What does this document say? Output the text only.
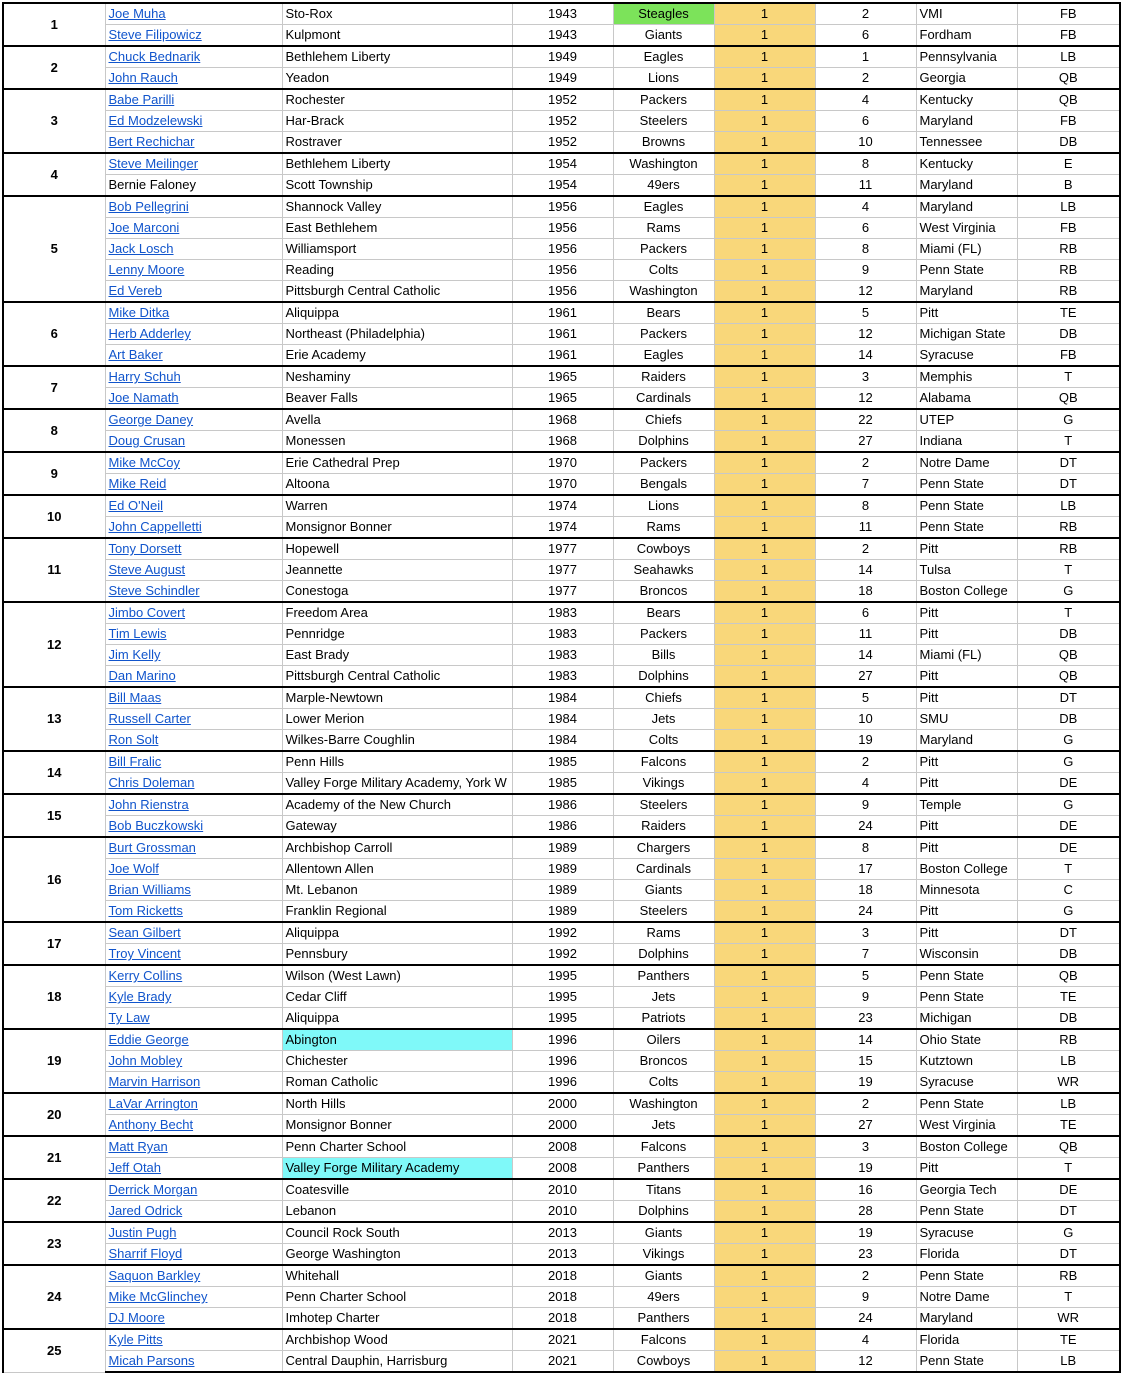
1	Joe Muha	Sto-Rox	1943	Steagles	1	2	VMI	FB
	Steve Filipowicz	Kulpmont	1943	Giants	1	6	Fordham	FB
2	Chuck Bednarik	Bethlehem Liberty	1949	Eagles	1	1	Pennsylvania	LB
	John Rauch	Yeadon	1949	Lions	1	2	Georgia	QB
3	Babe Parilli	Rochester	1952	Packers	1	4	Kentucky	QB
	Ed Modzelewski	Har-Brack	1952	Steelers	1	6	Maryland	FB
	Bert Rechichar	Rostraver	1952	Browns	1	10	Tennessee	DB
4	Steve Meilinger	Bethlehem Liberty	1954	Washington	1	8	Kentucky	E
	Bernie Faloney	Scott Township	1954	49ers	1	11	Maryland	B
5	Bob Pellegrini	Shannock Valley	1956	Eagles	1	4	Maryland	LB
	Joe Marconi	East Bethlehem	1956	Rams	1	6	West Virginia	FB
	Jack Losch	Williamsport	1956	Packers	1	8	Miami (FL)	RB
	Lenny Moore	Reading	1956	Colts	1	9	Penn State	RB
	Ed Vereb	Pittsburgh Central Catholic	1956	Washington	1	12	Maryland	RB
6	Mike Ditka	Aliquippa	1961	Bears	1	5	Pitt	TE
	Herb Adderley	Northeast (Philadelphia)	1961	Packers	1	12	Michigan State	DB
	Art Baker	Erie Academy	1961	Eagles	1	14	Syracuse	FB
7	Harry Schuh	Neshaminy	1965	Raiders	1	3	Memphis	T
	Joe Namath	Beaver Falls	1965	Cardinals	1	12	Alabama	QB
8	George Daney	Avella	1968	Chiefs	1	22	UTEP	G
	Doug Crusan	Monessen	1968	Dolphins	1	27	Indiana	T
9	Mike McCoy	Erie Cathedral Prep	1970	Packers	1	2	Notre Dame	DT
	Mike Reid	Altoona	1970	Bengals	1	7	Penn State	DT
10	Ed O'Neil	Warren	1974	Lions	1	8	Penn State	LB
	John Cappelletti	Monsignor Bonner	1974	Rams	1	11	Penn State	RB
11	Tony Dorsett	Hopewell	1977	Cowboys	1	2	Pitt	RB
	Steve August	Jeannette	1977	Seahawks	1	14	Tulsa	T
	Steve Schindler	Conestoga	1977	Broncos	1	18	Boston College	G
12	Jimbo Covert	Freedom Area	1983	Bears	1	6	Pitt	T
	Tim Lewis	Pennridge	1983	Packers	1	11	Pitt	DB
	Jim Kelly	East Brady	1983	Bills	1	14	Miami (FL)	QB
	Dan Marino	Pittsburgh Central Catholic	1983	Dolphins	1	27	Pitt	QB
13	Bill Maas	Marple-Newtown	1984	Chiefs	1	5	Pitt	DT
	Russell Carter	Lower Merion	1984	Jets	1	10	SMU	DB
	Ron Solt	Wilkes-Barre Coughlin	1984	Colts	1	19	Maryland	G
14	Bill Fralic	Penn Hills	1985	Falcons	1	2	Pitt	G
	Chris Doleman	Valley Forge Military Academy, York W	1985	Vikings	1	4	Pitt	DE
15	John Rienstra	Academy of the New Church	1986	Steelers	1	9	Temple	G
	Bob Buczkowski	Gateway	1986	Raiders	1	24	Pitt	DE
16	Burt Grossman	Archbishop Carroll	1989	Chargers	1	8	Pitt	DE
	Joe Wolf	Allentown Allen	1989	Cardinals	1	17	Boston College	T
	Brian Williams	Mt. Lebanon	1989	Giants	1	18	Minnesota	C
	Tom Ricketts	Franklin Regional	1989	Steelers	1	24	Pitt	G
17	Sean Gilbert	Aliquippa	1992	Rams	1	3	Pitt	DT
	Troy Vincent	Pennsbury	1992	Dolphins	1	7	Wisconsin	DB
18	Kerry Collins	Wilson (West Lawn)	1995	Panthers	1	5	Penn State	QB
	Kyle Brady	Cedar Cliff	1995	Jets	1	9	Penn State	TE
	Ty Law	Aliquippa	1995	Patriots	1	23	Michigan	DB
19	Eddie George	Abington	1996	Oilers	1	14	Ohio State	RB
	John Mobley	Chichester	1996	Broncos	1	15	Kutztown	LB
	Marvin Harrison	Roman Catholic	1996	Colts	1	19	Syracuse	WR
20	LaVar Arrington	North Hills	2000	Washington	1	2	Penn State	LB
	Anthony Becht	Monsignor Bonner	2000	Jets	1	27	West Virginia	TE
21	Matt Ryan	Penn Charter School	2008	Falcons	1	3	Boston College	QB
	Jeff Otah	Valley Forge Military Academy	2008	Panthers	1	19	Pitt	T
22	Derrick Morgan	Coatesville	2010	Titans	1	16	Georgia Tech	DE
	Jared Odrick	Lebanon	2010	Dolphins	1	28	Penn State	DT
23	Justin Pugh	Council Rock South	2013	Giants	1	19	Syracuse	G
	Sharrif Floyd	George Washington	2013	Vikings	1	23	Florida	DT
24	Saquon Barkley	Whitehall	2018	Giants	1	2	Penn State	RB
	Mike McGlinchey	Penn Charter School	2018	49ers	1	9	Notre Dame	T
	DJ Moore	Imhotep Charter	2018	Panthers	1	24	Maryland	WR
25	Kyle Pitts	Archbishop Wood	2021	Falcons	1	4	Florida	TE
	Micah Parsons	Central Dauphin, Harrisburg	2021	Cowboys	1	12	Penn State	LB
